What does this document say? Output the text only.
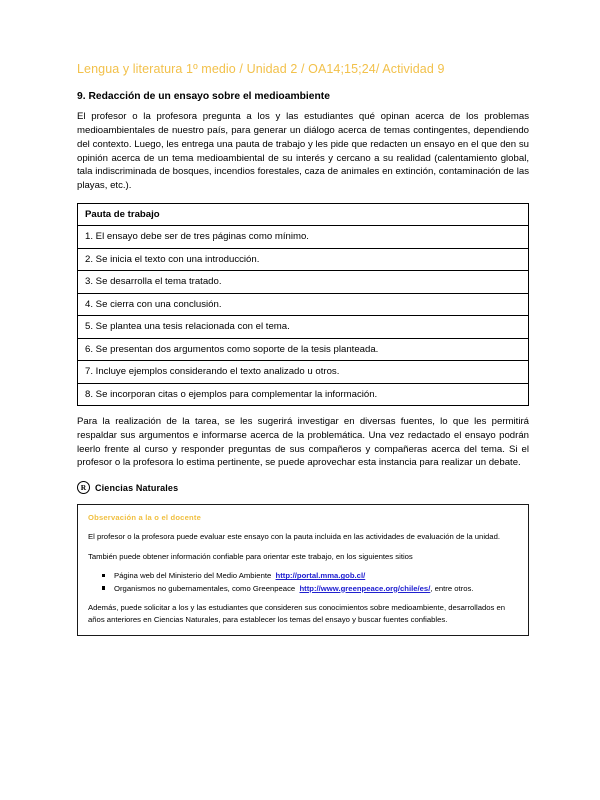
Lengua y literatura 1º medio / Unidad 2 / OA14;15;24/ Actividad 9
9. Redacción de un ensayo sobre el medioambiente

El profesor o la profesora pregunta a los y las estudiantes qué opinan acerca de los problemas medioambientales de nuestro país, para generar un diálogo acerca de temas contingentes, dependiendo del contexto. Luego, les entrega una pauta de trabajo y les pide que redacten un ensayo en el que den su opinión acerca de un tema medioambiental de su interés y cercano a su realidad (calentamiento global, tala indiscriminada de bosques, incendios forestales, caza de animales en extinción, contaminación de las playas, etc.).

Pauta de trabajo
1. El ensayo debe ser de tres páginas como mínimo.
2. Se inicia el texto con una introducción.
3. Se desarrolla el tema tratado.
4. Se cierra con una conclusión.
5. Se plantea una tesis relacionada con el tema.
6. Se presentan dos argumentos como soporte de la tesis planteada.
7. Incluye ejemplos considerando el texto analizado u otros.
8. Se incorporan citas o ejemplos para complementar la información.

Para la realización de la tarea, se les sugerirá investigar en diversas fuentes, lo que les permitirá respaldar sus argumentos e informarse acerca de la problemática. Una vez redactado el ensayo podrán leerlo frente al curso y responder preguntas de sus compañeros y compañeras acerca del tema. Si el profesor o la profesora lo estima pertinente, se puede aprovechar esta instancia para realizar un debate.

R Ciencias Naturales
Observación a la o el docente

El profesor o la profesora puede evaluar este ensayo con la pauta incluida en las actividades de evaluación de la unidad.

También puede obtener información confiable para orientar este trabajo, en los siguientes sitios

Página web del Ministerio del Medio Ambiente http://portal.mma.gob.cl/
Organismos no gubernamentales, como Greenpeace http://www.greenpeace.org/chile/es/, entre otros.

Además, puede solicitar a los y las estudiantes que consideren sus conocimientos sobre medioambiente, desarrollados en años anteriores en Ciencias Naturales, para establecer los temas del ensayo y buscar fuentes confiables.
